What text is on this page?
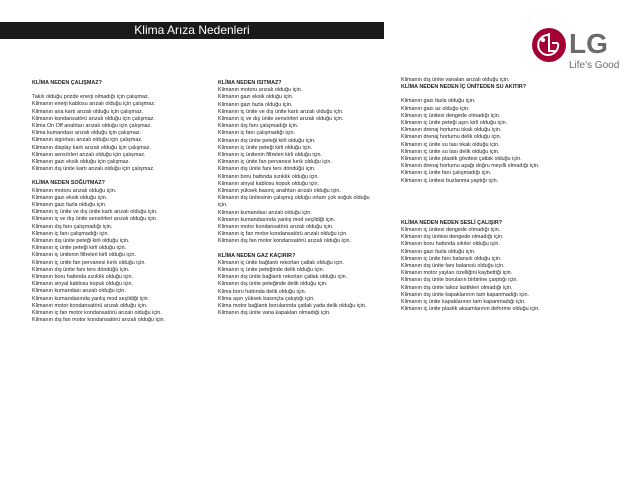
Klima Arıza Nedenleri	LG
Life's Good
KLİMA NEDEN ÇALIŞMAZ?
Takılı olduğu prizde enerji olmadığı için çalışmaz.
Klimanın enerji kablosu arızalı olduğu için çalışmaz.
Klimanın ana kartı arızalı olduğu için çalışmaz.
Klimanın kondansatörü arızalı olduğu için çalışmaz.
Klima On Off anahtarı arızalı olduğu için çalışmaz.
Klima kumandası arızalı olduğu için çalışmaz.
Klimanın sigortası arızalı olduğu için çalışmaz.
Klimanın display kartı arızalı olduğu için çalışmaz.
Klimanın sensörleri arızalı olduğu için çalışmaz.
Klimanın gazı eksik olduğu için çalışmaz.
Klimanın dış ünite kartı arızalı olduğu için çalışmaz.
KLİMA NEDEN SOĞUTMAZ?
Klimanın motoru arızalı olduğu için.
Klimanın gazı eksik olduğu için.
Klimanın gazı fazla olduğu için.
Klimanın iç ünite ve dış ünite kartı arızalı olduğu için.
Klimanın iç ve dış ünite sensörleri arızalı olduğu için.
Klimanın dış fanı çalışmadığı için.
Klimanın iç fanı çalışmadığı için.
Klimanın dış ünite peteği kirli olduğu için.
Klimanın iç ünite peteği kirli olduğu için.
Klimanın iç ünitenin filtreleri kirli olduğu için.
Klimanın iç ünite fan pervanesi kırık olduğu için.
Klimanın dış ünite fanı ters döndüğü için.
Klimanın boru hattında sızıklık olduğu için.
Klimanın sinyal kablosu kopuk olduğu için.
Klimanın kumandası arızalı olduğu için.
Klimanın kumandasında yanlış mod seçildiği için.
Klimanın motor kondansatörü arızalı olduğu için.
Klimanın iç fan motor kondansatörü arızalı olduğu için.
Klimanın dış fan motor kondansatörü arızalı olduğu için.
KLİMA NEDEN ISITMAZ?
Klimanın motoru arızalı olduğu için.
Klimanın gazı eksik olduğu için.
Klimanın gazı fazla olduğu için.
Klimanın iç ünite ve dış ünite kartı arızalı olduğu için.
Klimanın iç ve dış ünite sensörleri arızalı olduğu için.
Klimanın dış fanı çalışmadığı için.
Klimanın iç fanı çalışmadığı için.
Klimanın dış ünite peteği kirli olduğu için.
Klimanın iç ünite peteği kirli olduğu için.
Klimanın iç ünitenin filtreleri kirli olduğu için.
Klimanın iç ünite fan pervanesi kırık olduğu için.
Klimanın dış ünite fanı ters döndüğü için.
Klimanın boru hattında sızıklık olduğu için.
Klimanın sinyal kablosu kopuk olduğu için.
Klimanın yüksek basınç anahtarı arızalı olduğu için.
Klimanın dış ünitesinin çalışmış olduğu ortam çok soğuk olduğu
için.
Klimanın kumandası arızalı olduğu için.
Klimanın kumandasında yanlış mod seçildiği için.
Klimanın motor kondansatörü arızalı olduğu için.
Klimanın iç fan motor kondansatörü arızalı olduğu için.
Klimanın dış fan motor kondansatörü arızalı olduğu için.
KLİMA NEDEN GAZ KAÇIRIR?
Klimanın iç ünite bağlantı rekorları çatlak olduğu için.
Klimanın iç ünite peteğinde delik olduğu için.
Klimanın dış ünite bağlantı rekorları çatlak olduğu için.
Klimanın dış ünite peteğinde delik olduğu için.
Klima boru hattında delik olduğu için.
Klima aşırı yüksek basınçta çalıştığı için.
Klima motor bağlantı borularında çatlak yada delik olduğu için.
Klimanın dış ünite vana kapakları olmadığı için.
Klimanın dış ünite vanaları arızalı olduğu için.
KLİMA NEDEN NEDEN İÇ ÜNİTEDEN SU AKITIR?
Klimanın gazı fazla olduğu için.
Klimanın gazı az olduğu için.
Klimanın iç ünitesi dengede olmadığı için.
Klimanın iç ünite peteği aşırı kirli olduğu için.
Klimanın drenaj hortumu tıkalı olduğu için.
Klimanın drenaj hortumu delik olduğu için.
Klimanın iç ünite su tası tıkalı olduğu için.
Klimanın iç ünite su tası delik olduğu için.
Klimanın iç ünite plastik gövdesi çatlak olduğu için.
Klimanın drenaj hortumu aşağı doğru meyilli olmadığı için.
Klimanın iç ünite fanı çalışmadığı için.
Klimanın iç ünitesi buzlanma yaptığı için.
KLİMA NEDEN NEDEN SESLİ ÇALIŞIR?
Klimanın iç ünitesi dengede olmadığı için.
Klimanın dış ünitesi dengede olmadığı için.
Klimanın boru hattında sıkıler olduğu için.
Klimanın gazı fazla olduğu için.
Klimanın iç ünite fanı balansılı olduğu için.
Klimanın dış ünite fanı balansılı olduğu için.
Klimanın motor yayları özelliğini kaybettiği için.
Klimanın dış ünite boruların birbirine çarptığı için.
Klimanın dış ünite takoz lastikleri olmadığı için.
Klimanın dış ünite kapaklarının tam kapanmadığı için.
Klimanın iç ünite kapaklarının tam kapanmadığı için.
Klimanın iç ünite plastik aksamlarının deforme olduğu için.
